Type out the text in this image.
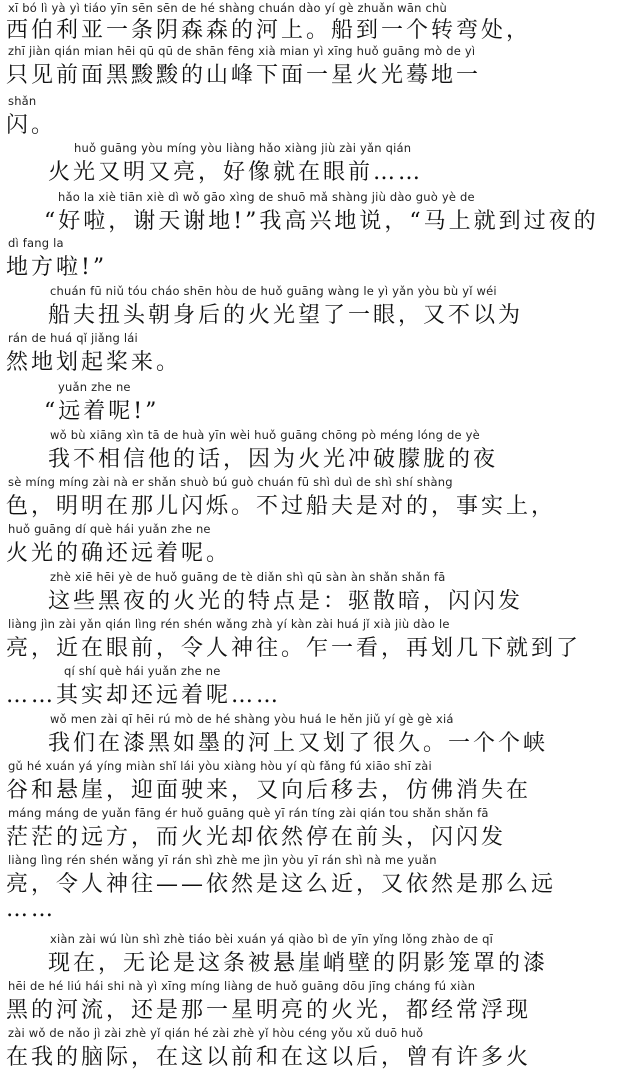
xī bó lì yà yì tiáo yīn sēn sēn de hé shàng chuán dào yí gè zhuǎn wān chù
西伯利亚一条阴森森的河上。船到一个转弯处，
zhī jiàn qián mian hēi qū qū de shān fēng xià mian yì xīng huǒ guāng mò de yì
只见前面黑黢黢的山峰下面一星火光蓦地一
shǎn
闪。
huǒ guāng yòu míng yòu liàng hǎo xiàng jiù zài yǎn qián
火光又明又亮，好像就在眼前……
hǎo la xiè tiān xiè dì wǒ gāo xìng de shuō mǎ shàng jiù dào guò yè de
“好啦，谢天谢地!”我高兴地说，“马上就到过夜的
dì fang la
地方啦!”
chuán fū niǔ tóu cháo shēn hòu de huǒ guāng wàng le yì yǎn yòu bù yǐ wéi
船夫扭头朝身后的火光望了一眼，又不以为
rán de huá qǐ jiǎng lái
然地划起桨来。
yuǎn zhe ne
“远着呢!”
wǒ bù xiāng xìn tā de huà yīn wèi huǒ guāng chōng pò méng lóng de yè
我不相信他的话，因为火光冲破朦胧的夜
sè míng míng zài nà er shǎn shuò bú guò chuán fū shì duì de shì shí shàng
色，明明在那儿闪烁。不过船夫是对的，事实上，
huǒ guāng dí què hái yuǎn zhe ne
火光的确还远着呢。
zhè xiē hēi yè de huǒ guāng de tè diǎn shì qū sàn àn shǎn shǎn fā
这些黑夜的火光的特点是：驱散暗，闪闪发
liàng jìn zài yǎn qián lìng rén shén wǎng zhà yí kàn zài huá jǐ xià jiù dào le
亮，近在眼前，令人神往。乍一看，再划几下就到了
qí shí què hái yuǎn zhe ne
……其实却还远着呢……
wǒ men zài qī hēi rú mò de hé shàng yòu huá le hěn jiǔ yí gè gè xiá
我们在漆黑如墨的河上又划了很久。一个个峡
gǔ hé xuán yá yíng miàn shǐ lái yòu xiàng hòu yí qù fǎng fú xiāo shī zài
谷和悬崖，迎面驶来，又向后移去，仿佛消失在
máng máng de yuǎn fāng ér huǒ guāng què yī rán tíng zài qián tou shǎn shǎn fā
茫茫的远方，而火光却依然停在前头，闪闪发
liàng lìng rén shén wǎng yī rán shì zhè me jìn yòu yī rán shì nà me yuǎn
亮，令人神往——依然是这么近，又依然是那么远
……
xiàn zài wú lùn shì zhè tiáo bèi xuán yá qiào bì de yīn yǐng lǒng zhào de qī
现在，无论是这条被悬崖峭壁的阴影笼罩的漆
hēi de hé liú hái shi nà yì xīng míng liàng de huǒ guāng dōu jīng cháng fú xiàn
黑的河流，还是那一星明亮的火光，都经常浮现
zài wǒ de nǎo jì zài zhè yǐ qián hé zài zhè yǐ hòu céng yǒu xǔ duō huǒ
在我的脑际，在这以前和在这以后，曾有许多火
